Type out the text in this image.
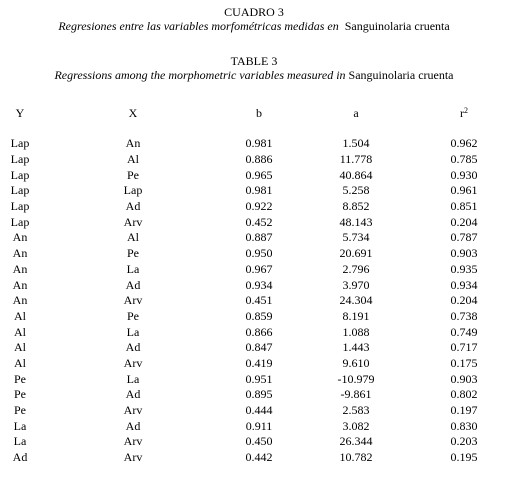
CUADRO 3
Regresiones entre las variables morfométricas medidas en Sanguinolaria cruenta
TABLE 3
Regressions among the morphometric variables measured in Sanguinolaria cruenta
Y	X	b	a	$r^2$

Lap	An	0.981	1.504	0.962
Lap	Al	0.886	11.778	0.785
Lap	Pe	0.965	40.864	0.930
Lap	Lap	0.981	5.258	0.961
Lap	Ad	0.922	8.852	0.851
Lap	Arv	0.452	48.143	0.204
An	Al	0.887	5.734	0.787
An	Pe	0.950	20.691	0.903
An	La	0.967	2.796	0.935
An	Ad	0.934	3.970	0.934
An	Arv	0.451	24.304	0.204
Al	Pe	0.859	8.191	0.738
Al	La	0.866	1.088	0.749
Al	Ad	0.847	1.443	0.717
Al	Arv	0.419	9.610	0.175
Pe	La	0.951	-10.979	0.903
Pe	Ad	0.895	-9.861	0.802
Pe	Arv	0.444	2.583	0.197
La	Ad	0.911	3.082	0.830
La	Arv	0.450	26.344	0.203
Ad	Arv	0.442	10.782	0.195
